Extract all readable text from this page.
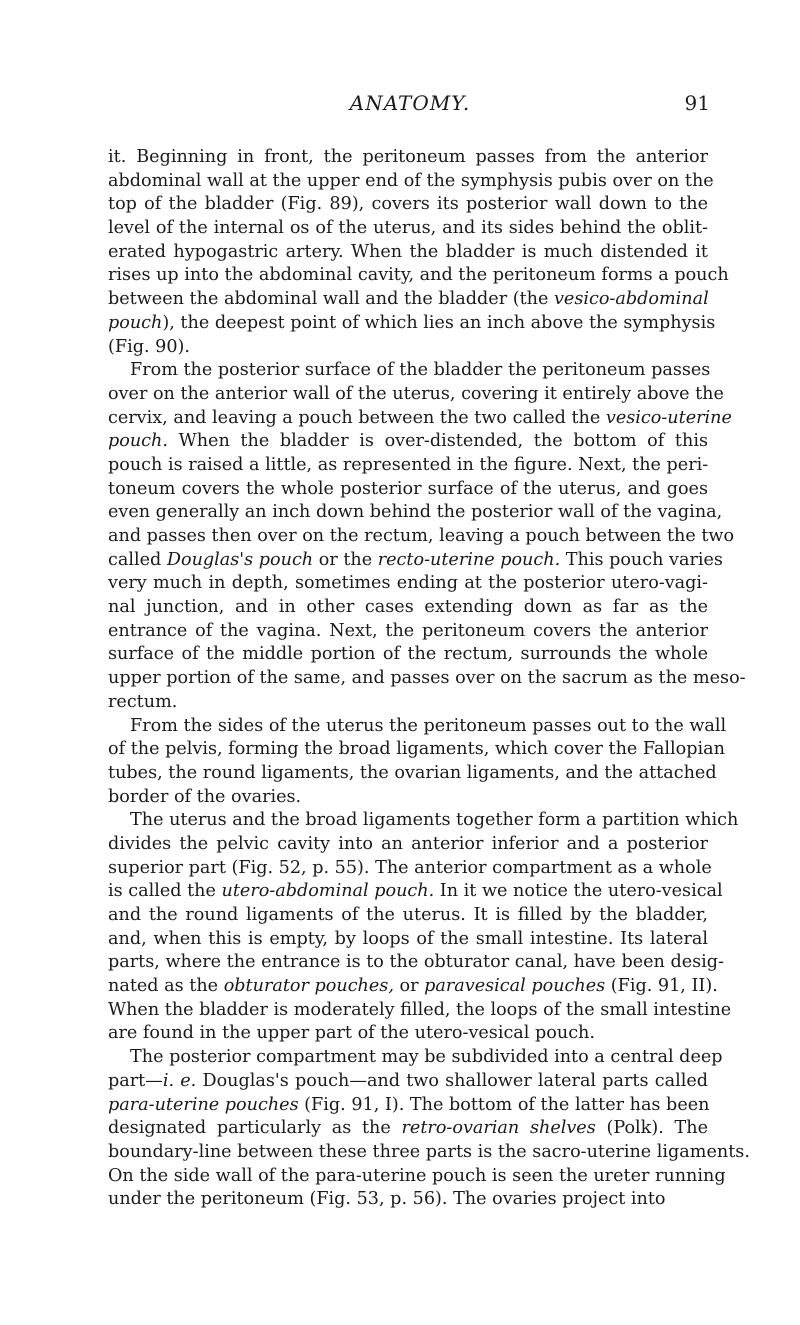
ANATOMY.	91
it. Beginning in front, the peritoneum passes from the anterior
abdominal wall at the upper end of the symphysis pubis over on the
top of the bladder (Fig. 89), covers its posterior wall down to the
level of the internal os of the uterus, and its sides behind the oblit-
erated hypogastric artery. When the bladder is much distended it
rises up into the abdominal cavity, and the peritoneum forms a pouch
between the abdominal wall and the bladder (the vesico-abdominal
pouch), the deepest point of which lies an inch above the symphysis
(Fig. 90).
From the posterior surface of the bladder the peritoneum passes
over on the anterior wall of the uterus, covering it entirely above the
cervix, and leaving a pouch between the two called the vesico-uterine
pouch. When the bladder is over-distended, the bottom of this
pouch is raised a little, as represented in the figure. Next, the peri-
toneum covers the whole posterior surface of the uterus, and goes
even generally an inch down behind the posterior wall of the vagina,
and passes then over on the rectum, leaving a pouch between the two
called Douglas's pouch or the recto-uterine pouch. This pouch varies
very much in depth, sometimes ending at the posterior utero-vagi-
nal junction, and in other cases extending down as far as the
entrance of the vagina. Next, the peritoneum covers the anterior
surface of the middle portion of the rectum, surrounds the whole
upper portion of the same, and passes over on the sacrum as the meso-
rectum.
From the sides of the uterus the peritoneum passes out to the wall
of the pelvis, forming the broad ligaments, which cover the Fallopian
tubes, the round ligaments, the ovarian ligaments, and the attached
border of the ovaries.
The uterus and the broad ligaments together form a partition which
divides the pelvic cavity into an anterior inferior and a posterior
superior part (Fig. 52, p. 55). The anterior compartment as a whole
is called the utero-abdominal pouch. In it we notice the utero-vesical
and the round ligaments of the uterus. It is filled by the bladder,
and, when this is empty, by loops of the small intestine. Its lateral
parts, where the entrance is to the obturator canal, have been desig-
nated as the obturator pouches, or paravesical pouches (Fig. 91, II).
When the bladder is moderately filled, the loops of the small intestine
are found in the upper part of the utero-vesical pouch.
The posterior compartment may be subdivided into a central deep
part—i. e. Douglas's pouch—and two shallower lateral parts called
para-uterine pouches (Fig. 91, I). The bottom of the latter has been
designated particularly as the retro-ovarian shelves (Polk). The
boundary-line between these three parts is the sacro-uterine ligaments.
On the side wall of the para-uterine pouch is seen the ureter running
under the peritoneum (Fig. 53, p. 56). The ovaries project into
